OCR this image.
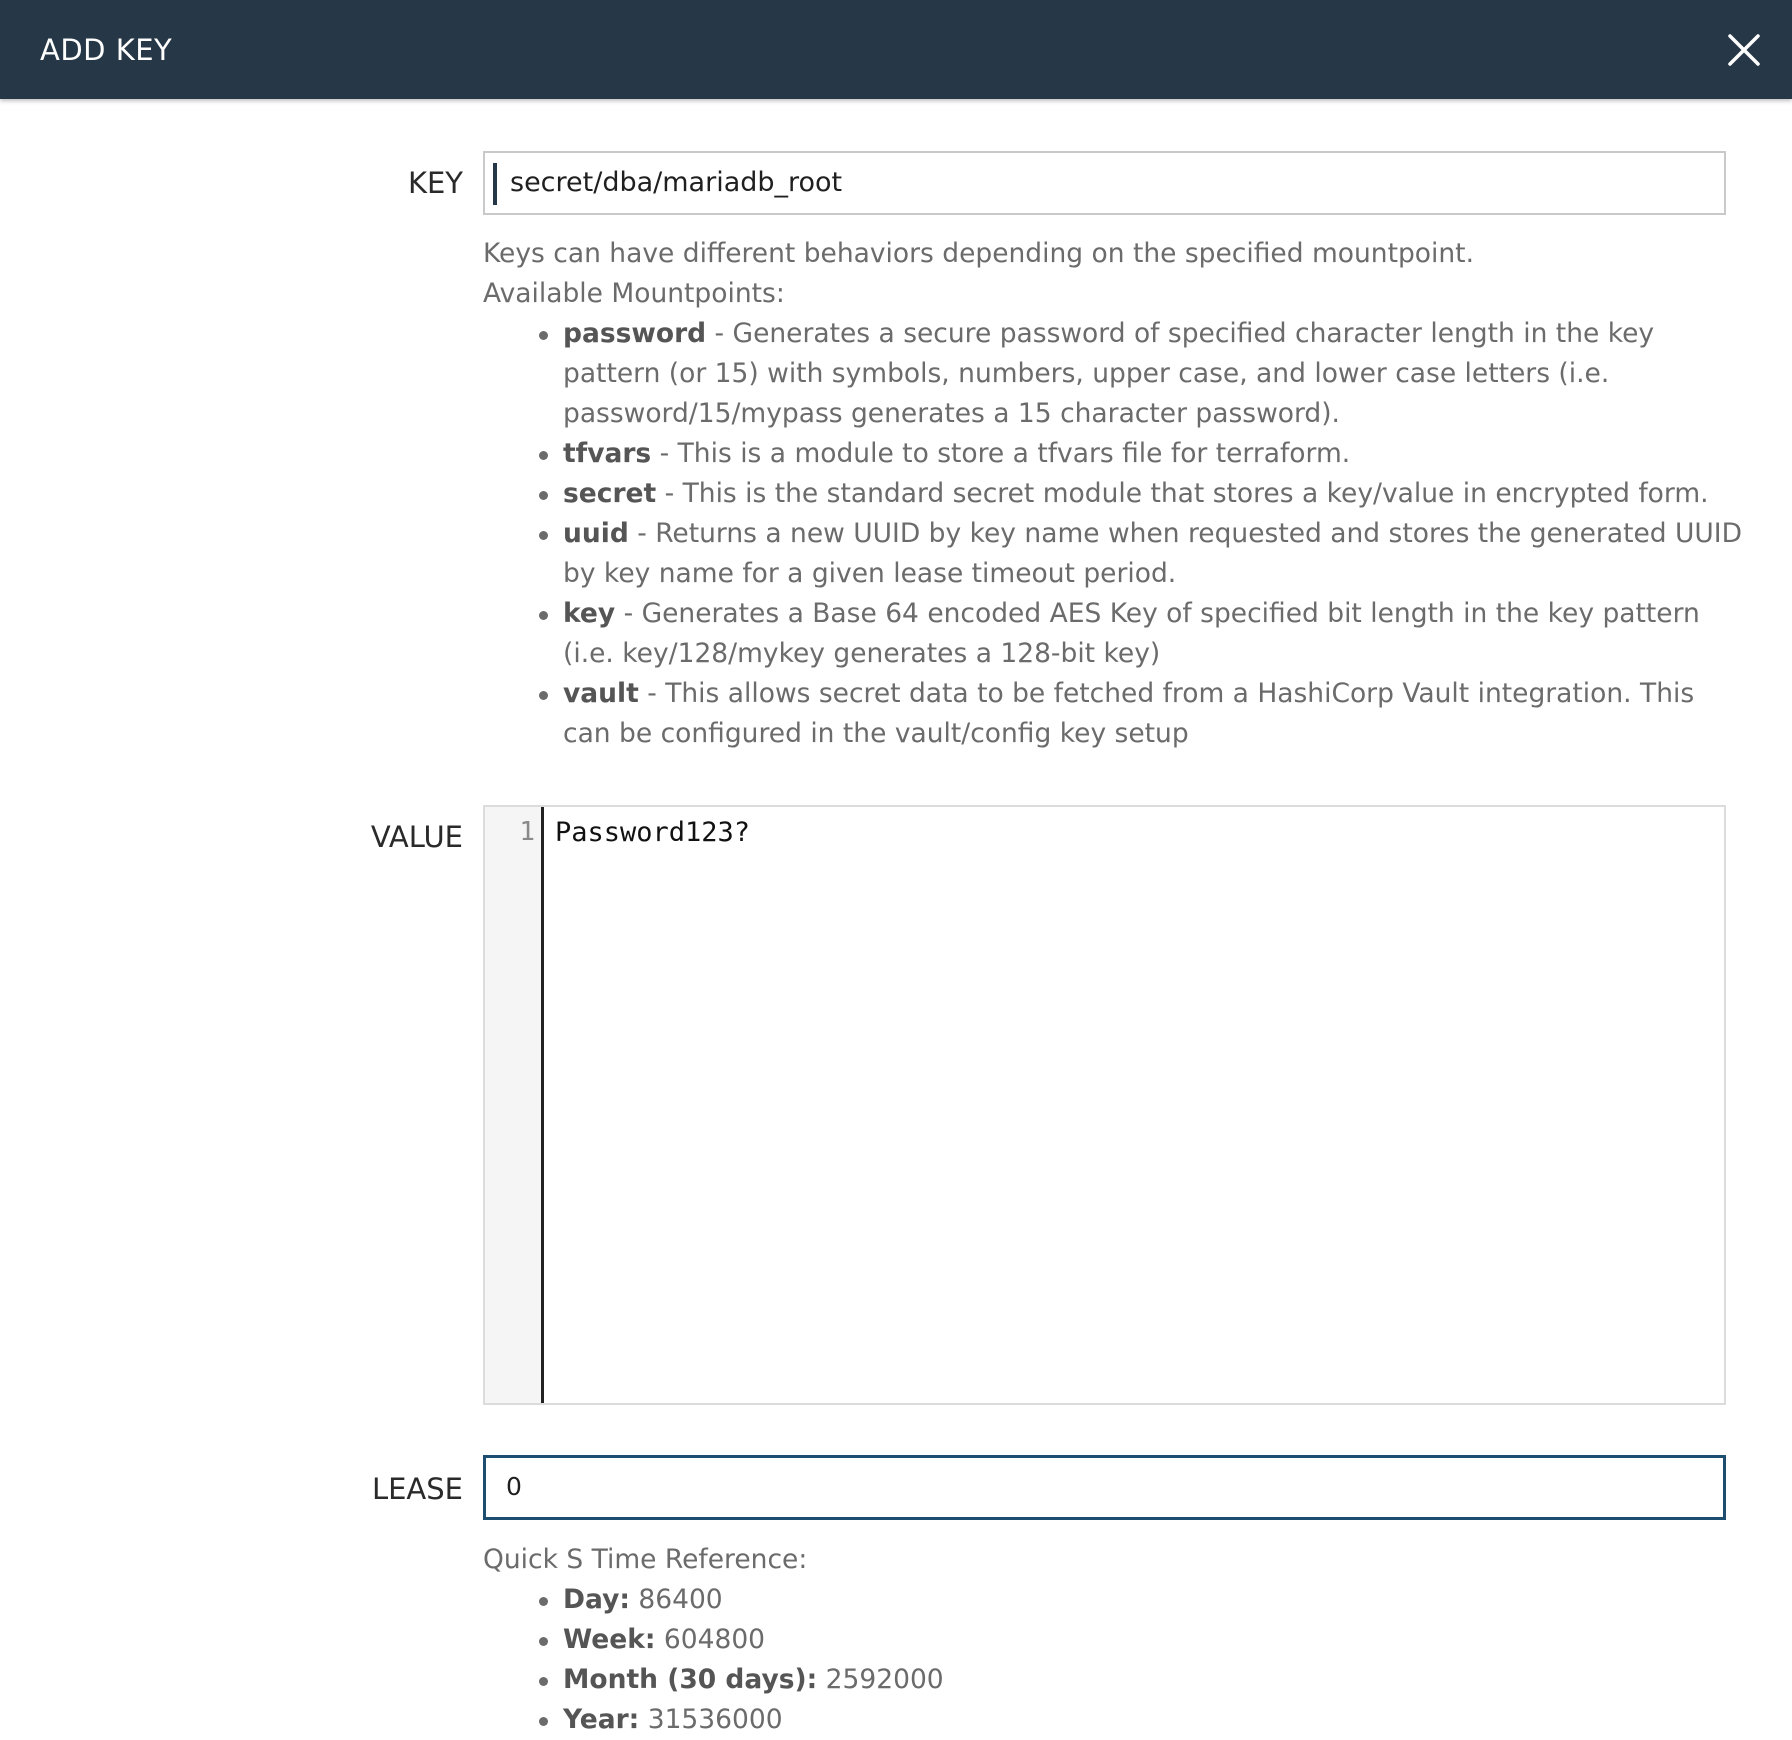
ADD KEY
KEY	secret/dba/mariadb_root
Keys can have different behaviors depending on the specified mountpoint.
Available Mountpoints:
password - Generates a secure password of specified character length in the key pattern (or 15) with symbols, numbers, upper case, and lower case letters (i.e. password/15/mypass generates a 15 character password).
tfvars - This is a module to store a tfvars file for terraform.
secret - This is the standard secret module that stores a key/value in encrypted form.
uuid - Returns a new UUID by key name when requested and stores the generated UUID by key name for a given lease timeout period.
key - Generates a Base 64 encoded AES Key of specified bit length in the key pattern (i.e. key/128/mykey generates a 128-bit key)
vault - This allows secret data to be fetched from a HashiCorp Vault integration. This can be configured in the vault/config key setup
VALUE 1 Password123?
LEASE	0
Quick S Time Reference:
Day: 86400
Week: 604800
Month (30 days): 2592000
Year: 31536000
